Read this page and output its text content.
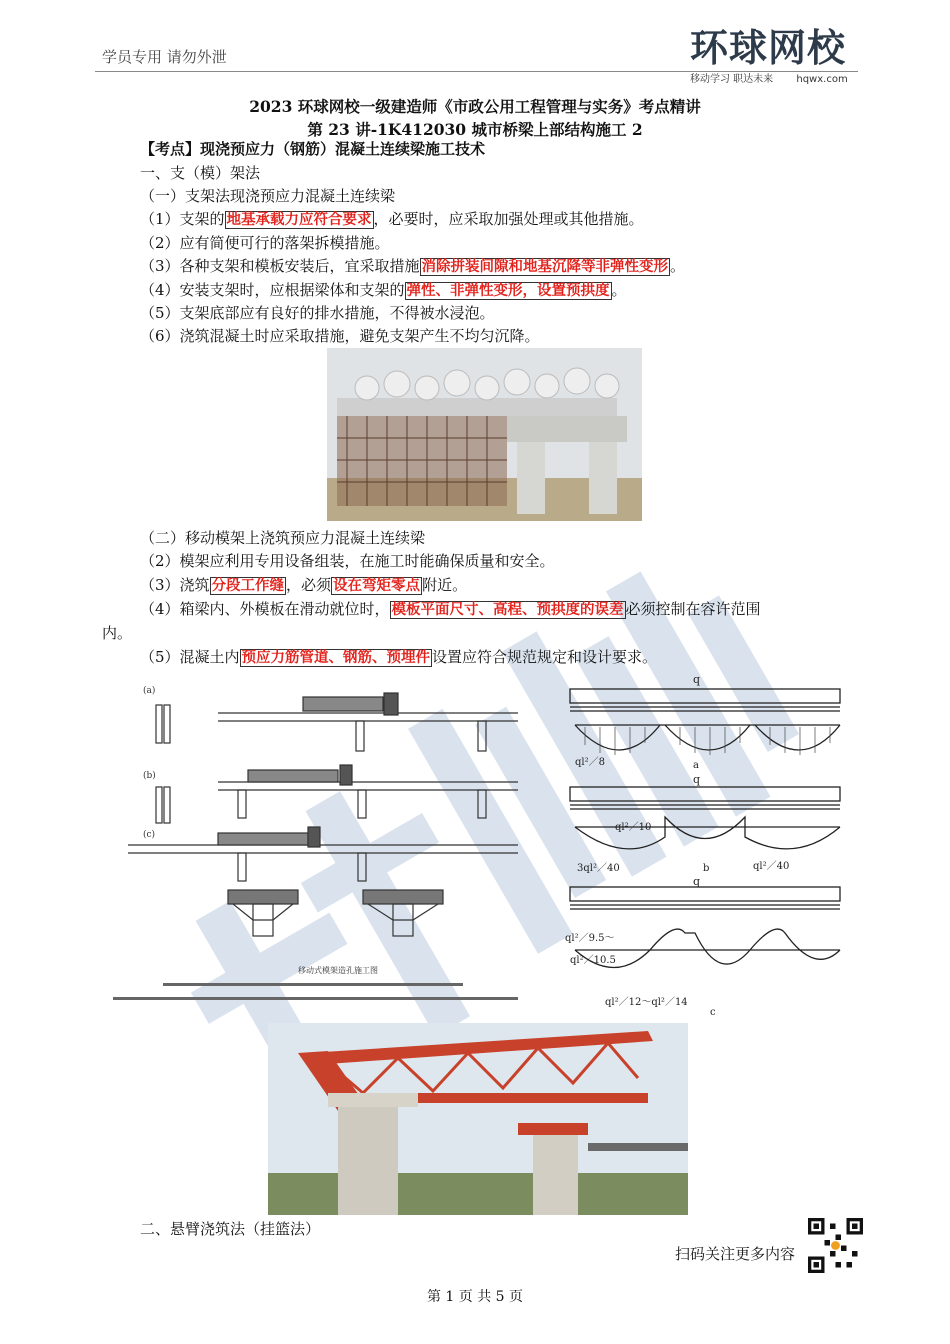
学员专用 请勿外泄	环球网校
移动学习 职达未来 hqwx.com
2023 环球网校一级建造师《市政公用工程管理与实务》考点精讲
第 23 讲-1K412030 城市桥梁上部结构施工 2
【考点】现浇预应力（钢筋）混凝土连续梁施工技术
一、支（模）架法
（一）支架法现浇预应力混凝土连续梁
（1）支架的 地基承载力应符合要求 ，必要时，应采取加强处理或其他措施。
（2）应有简便可行的落架拆模措施。
（3）各种支架和模板安装后，宜采取措施 消除拼装间隙和地基沉降等非弹性变形 。
（4）安装支架时，应根据梁体和支架的 弹性、非弹性变形，设置预拱度 。
（5）支架底部应有良好的排水措施，不得被水浸泡。
（6）浇筑混凝土时应采取措施，避免支架产生不均匀沉降。
（二）移动模架上浇筑预应力混凝土连续梁
（2）模架应利用专用设备组装，在施工时能确保质量和安全。
（3）浇筑 分段工作缝 ，必须 设在弯矩零点 附近。
（4）箱梁内、外模板在滑动就位时， 模板平面尺寸、高程、预拱度的误差 必须控制在容许范围
内。
（5）混凝土内 预应力筋管道、钢筋、预埋件 设置应符合规范规定和设计要求。
(a)
(b)
(c)
移动式模架造孔施工图
q
q
q
a
ql²／8
ql²／10
3ql²／40	ql²／40
b
ql²／9.5～
ql²／10.5
ql²／12～ql²／14
c
二、悬臂浇筑法（挂篮法）
扫码关注更多内容
第 1 页 共 5 页
